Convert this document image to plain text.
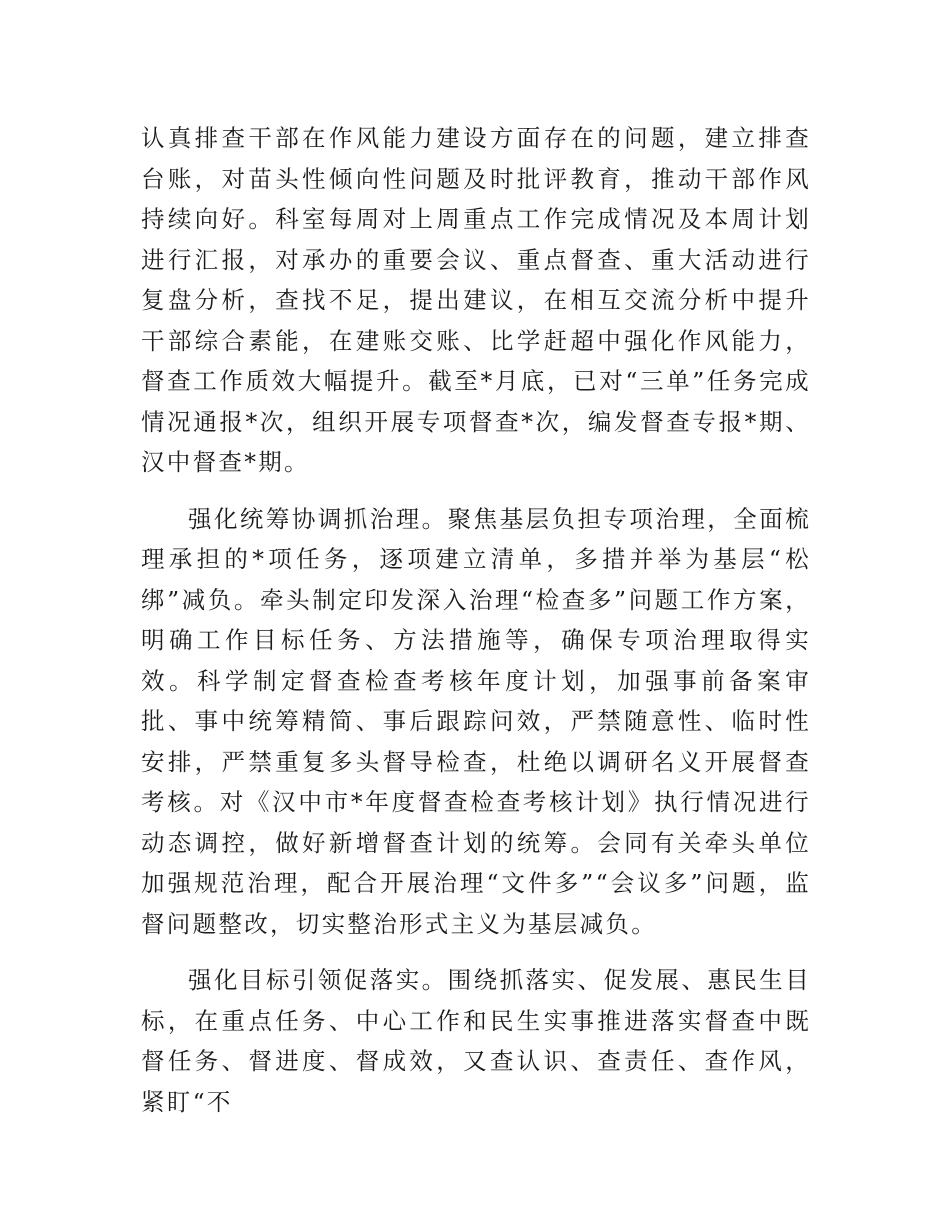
认真排查干部在作风能力建设方面存在的问题，建立排查台账，对苗头性倾向性问题及时批评教育，推动干部作风持续向好。科室每周对上周重点工作完成情况及本周计划进行汇报，对承办的重要会议、重点督查、重大活动进行复盘分析，查找不足，提出建议，在相互交流分析中提升干部综合素能，在建账交账、比学赶超中强化作风能力，督查工作质效大幅提升。截至*月底，已对“三单”任务完成情况通报*次，组织开展专项督查*次，编发督查专报*期、汉中督查*期。

强化统筹协调抓治理。聚焦基层负担专项治理，全面梳理承担的*项任务，逐项建立清单，多措并举为基层“松绑”减负。牵头制定印发深入治理“检查多”问题工作方案，明确工作目标任务、方法措施等，确保专项治理取得实效。科学制定督查检查考核年度计划，加强事前备案审批、事中统筹精简、事后跟踪问效，严禁随意性、临时性安排，严禁重复多头督导检查，杜绝以调研名义开展督查考核。对《汉中市*年度督查检查考核计划》执行情况进行动态调控，做好新增督查计划的统筹。会同有关牵头单位加强规范治理，配合开展治理“文件多”“会议多”问题，监督问题整改，切实整治形式主义为基层减负。

强化目标引领促落实。围绕抓落实、促发展、惠民生目标，在重点任务、中心工作和民生实事推进落实督查中既督任务、督进度、督成效，又查认识、查责任、查作风，紧盯“不
